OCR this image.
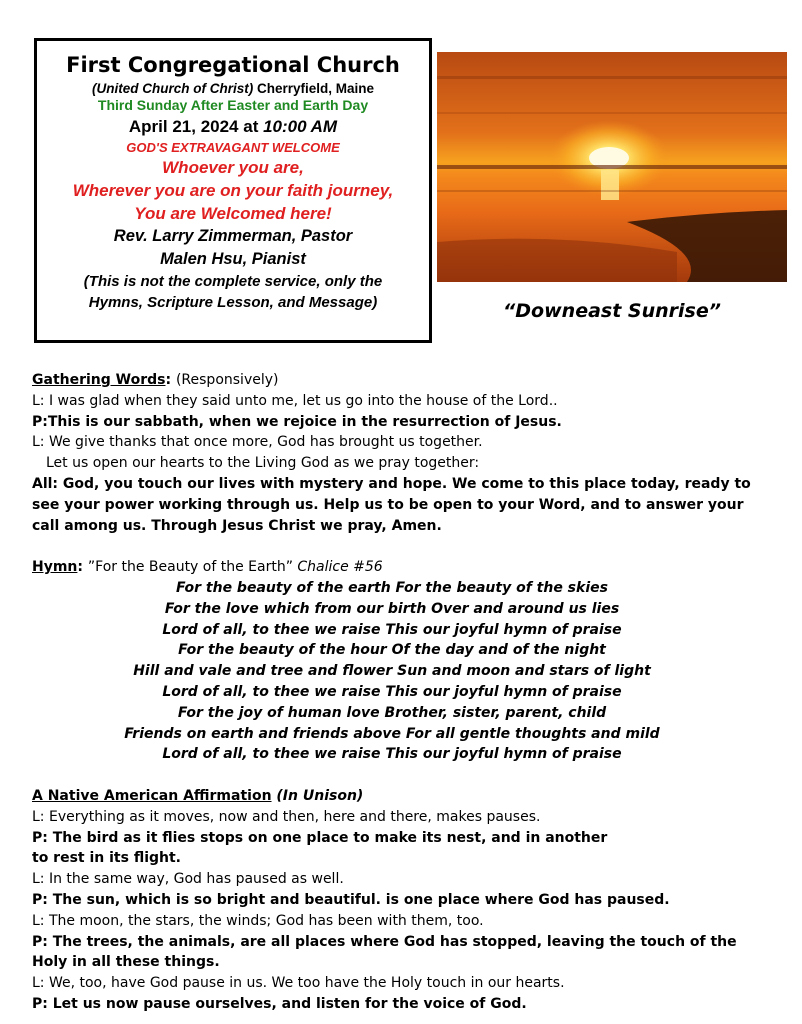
First Congregational Church
(United Church of Christ) Cherryfield, Maine
Third Sunday After Easter and Earth Day
April 21, 2024 at 10:00 AM
GOD'S EXTRAVAGANT WELCOME
Whoever you are,
Wherever you are on your faith journey,
You are Welcomed here!
Rev. Larry Zimmerman, Pastor
Malen Hsu, Pianist
(This is not the complete service, only the
Hymns, Scripture Lesson, and Message)	“Downeast Sunrise”

Gathering Words: (Responsively)

L: I was glad when they said unto me, let us go into the house of the Lord..

P:This is our sabbath, when we rejoice in the resurrection of Jesus.

L: We give thanks that once more, God has brought us together.

Let us open our hearts to the Living God as we pray together:

All: God, you touch our lives with mystery and hope. We come to this place today, ready to see your power working through us. Help us to be open to your Word, and to answer your call among us. Through Jesus Christ we pray, Amen.

Hymn: ”For the Beauty of the Earth” Chalice #56

For the beauty of the earth For the beauty of the skies

For the love which from our birth Over and around us lies

Lord of all, to thee we raise This our joyful hymn of praise

For the beauty of the hour Of the day and of the night

Hill and vale and tree and flower Sun and moon and stars of light

Lord of all, to thee we raise This our joyful hymn of praise

For the joy of human love Brother, sister, parent, child

Friends on earth and friends above For all gentle thoughts and mild

Lord of all, to thee we raise This our joyful hymn of praise

A Native American Affirmation (In Unison)

L: Everything as it moves, now and then, here and there, makes pauses.

P: The bird as it flies stops on one place to make its nest, and in another

to rest in its flight.

L: In the same way, God has paused as well.

P: The sun, which is so bright and beautiful. is one place where God has paused.

L: The moon, the stars, the winds; God has been with them, too.

P: The trees, the animals, are all places where God has stopped, leaving the touch of the Holy in all these things.

L: We, too, have God pause in us. We too have the Holy touch in our hearts.

P: Let us now pause ourselves, and listen for the voice of God.
